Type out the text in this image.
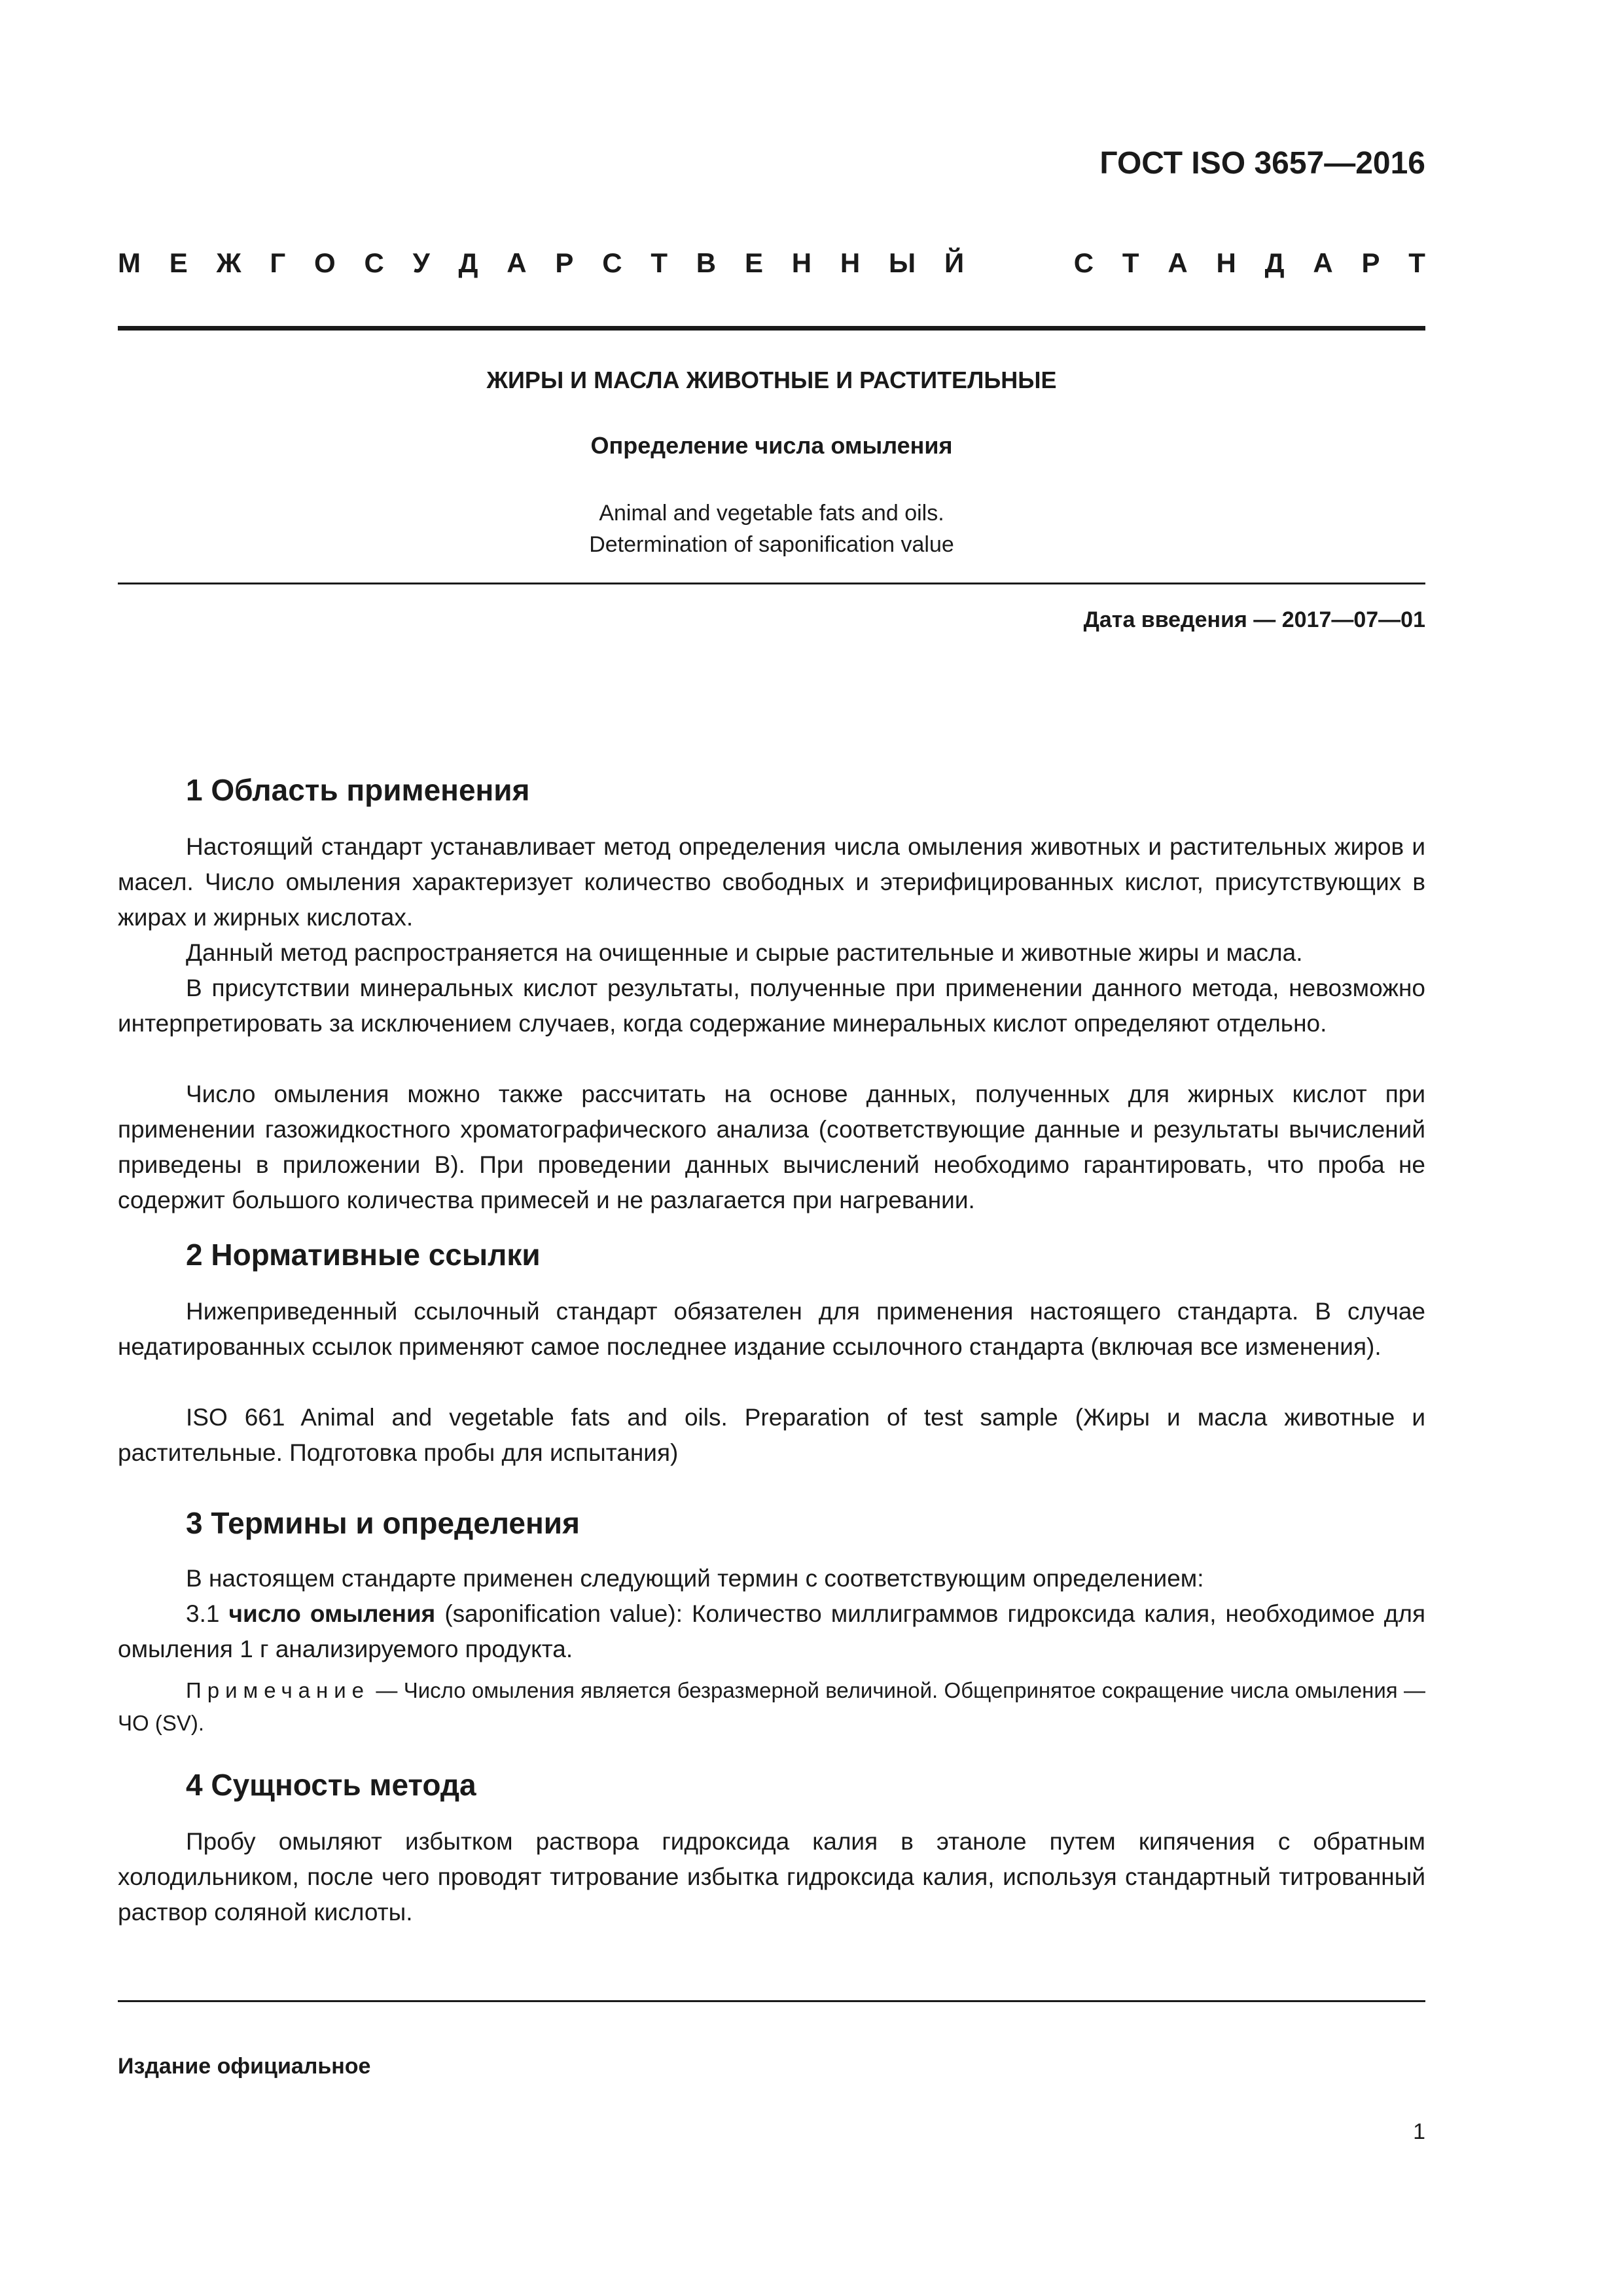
ГОСТ ISO 3657—2016
М Е Ж Г О С У Д А Р С Т В Е Н Н Ы Й	С Т А Н Д А Р Т
ЖИРЫ И МАСЛА ЖИВОТНЫЕ И РАСТИТЕЛЬНЫЕ
Определение числа омыления
Animal and vegetable fats and oils.
Determination of saponification value
Дата введения — 2017—07—01
1 Область применения
Настоящий стандарт устанавливает метод определения числа омыления животных и растительных жиров и масел. Число омыления характеризует количество свободных и этерифицированных кислот, присутствующих в жирах и жирных кислотах.
Данный метод распространяется на очищенные и сырые растительные и животные жиры и масла.
В присутствии минеральных кислот результаты, полученные при применении данного метода, невозможно интерпретировать за исключением случаев, когда содержание минеральных кислот определяют отдельно.
Число омыления можно также рассчитать на основе данных, полученных для жирных кислот при применении газожидкостного хроматографического анализа (соответствующие данные и результаты вычислений приведены в приложении В). При проведении данных вычислений необходимо гарантировать, что проба не содержит большого количества примесей и не разлагается при нагревании.
2 Нормативные ссылки
Нижеприведенный ссылочный стандарт обязателен для применения настоящего стандарта. В случае недатированных ссылок применяют самое последнее издание ссылочного стандарта (включая все изменения).
ISO 661 Animal and vegetable fats and oils. Preparation of test sample (Жиры и масла животные и растительные. Подготовка пробы для испытания)
3 Термины и определения
В настоящем стандарте применен следующий термин с соответствующим определением:
3.1 число омыления (saponification value): Количество миллиграммов гидроксида калия, необходимое для омыления 1 г анализируемого продукта.
Примечание — Число омыления является безразмерной величиной. Общепринятое сокращение числа омыления — ЧО (SV).
4 Сущность метода
Пробу омыляют избытком раствора гидроксида калия в этаноле путем кипячения с обратным холодильником, после чего проводят титрование избытка гидроксида калия, используя стандартный титрованный раствор соляной кислоты.
Издание официальное
1
